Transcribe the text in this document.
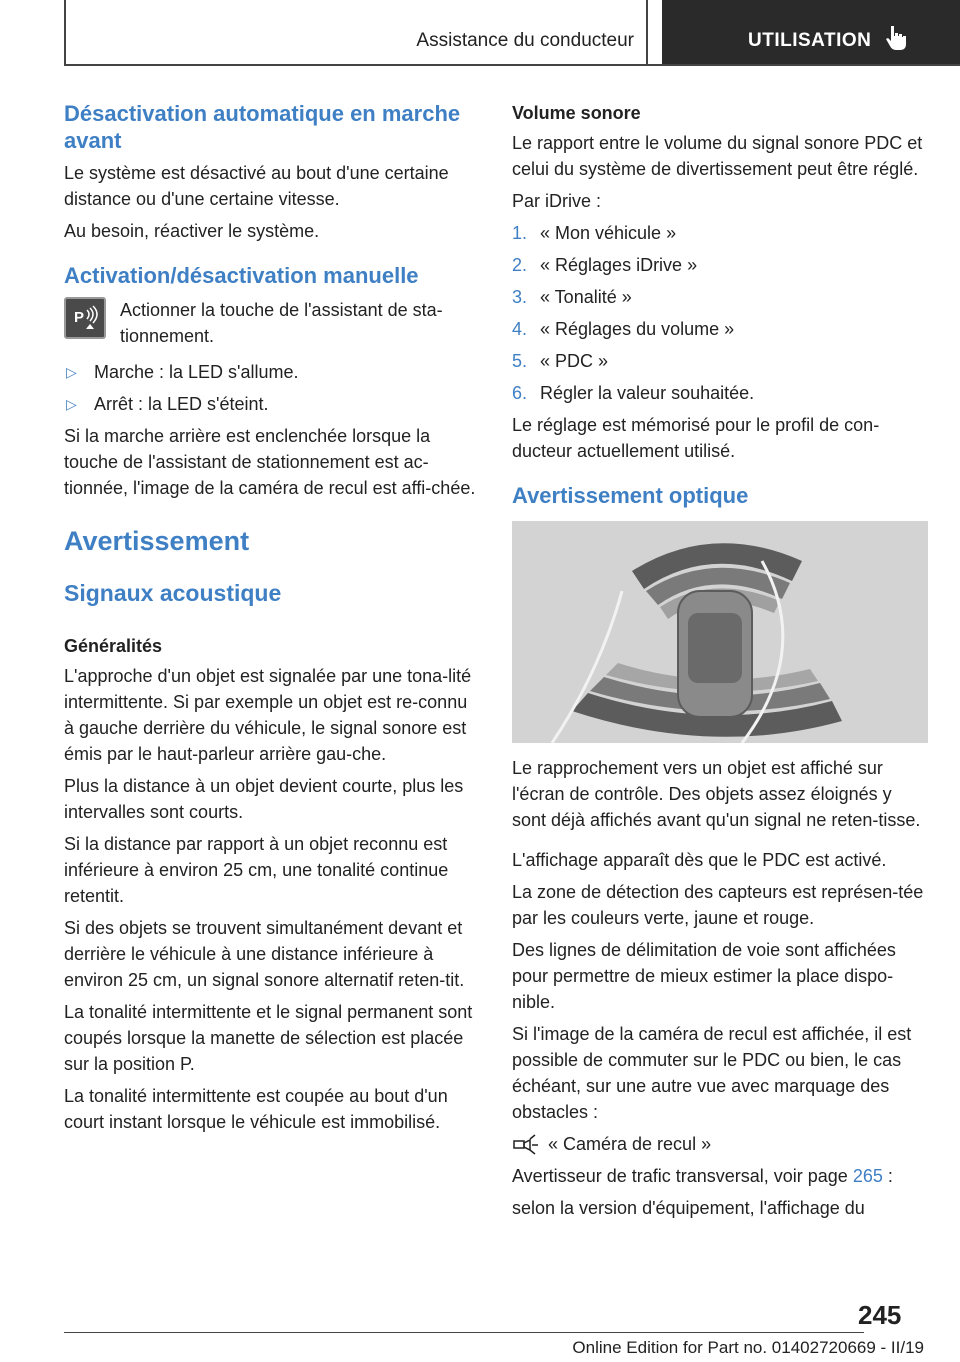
Assistance du conducteur	UTILISATION
Désactivation automatique en marche avant

Le système est désactivé au bout d'une certaine distance ou d'une certaine vitesse.

Au besoin, réactiver le système.

Activation/désactivation manuelle
P Actionner la touche de l'assistant de sta-tionnement.
▷ Marche : la LED s'allume.
▷ Arrêt : la LED s'éteint.

Si la marche arrière est enclenchée lorsque la touche de l'assistant de stationnement est ac-tionnée, l'image de la caméra de recul est affi-chée.

Avertissement
Signaux acoustique
Généralités

L'approche d'un objet est signalée par une tona-lité intermittente. Si par exemple un objet est re-connu à gauche derrière du véhicule, le signal sonore est émis par le haut-parleur arrière gau-che.

Plus la distance à un objet devient courte, plus les intervalles sont courts.

Si la distance par rapport à un objet reconnu est inférieure à environ 25 cm, une tonalité continue retentit.

Si des objets se trouvent simultanément devant et derrière le véhicule à une distance inférieure à environ 25 cm, un signal sonore alternatif reten-tit.

La tonalité intermittente et le signal permanent sont coupés lorsque la manette de sélection est placée sur la position P.

La tonalité intermittente est coupée au bout d'un court instant lorsque le véhicule est immobilisé.

Volume sonore

Le rapport entre le volume du signal sonore PDC et celui du système de divertissement peut être réglé.

Par iDrive :

1. « Mon véhicule »
2. « Réglages iDrive »
3. « Tonalité »
4. « Réglages du volume »
5. « PDC »
6. Régler la valeur souhaitée.

Le réglage est mémorisé pour le profil de con-ducteur actuellement utilisé.

Avertissement optique

Le rapprochement vers un objet est affiché sur l'écran de contrôle. Des objets assez éloignés y sont déjà affichés avant qu'un signal ne reten-tisse.

L'affichage apparaît dès que le PDC est activé.

La zone de détection des capteurs est représen-tée par les couleurs verte, jaune et rouge.

Des lignes de délimitation de voie sont affichées pour permettre de mieux estimer la place dispo-nible.

Si l'image de la caméra de recul est affichée, il est possible de commuter sur le PDC ou bien, le cas échéant, sur une autre vue avec marquage des obstacles :

« Caméra de recul »

Avertisseur de trafic transversal, voir page 265 :

selon la version d'équipement, l'affichage du

245
Online Edition for Part no. 01402720669 - II/19
